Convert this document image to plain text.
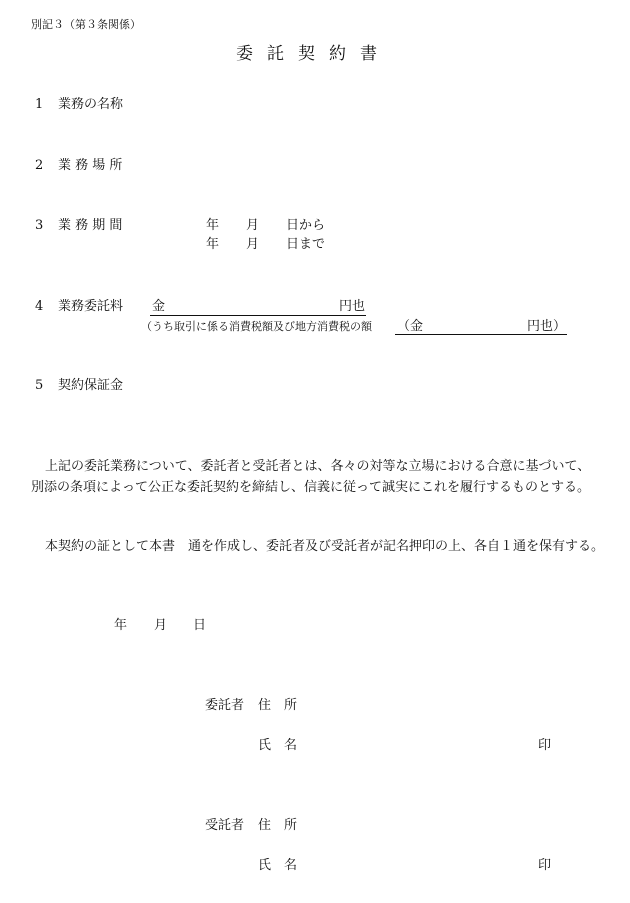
別記３（第３条関係）
委託契約書
1 業務の名称
2 業 務 場 所
3 業 務 期 間	年 月 日から
年 月 日まで
4 業務委託料 金	円也
（うち取引に係る消費税額及び地方消費税の額 （金	円也）
5 契約保証金
上記の委託業務について、委託者と受託者とは、各々の対等な立場における合意に基づいて、
別添の条項によって公正な委託契約を締結し、信義に従って誠実にこれを履行するものとする。
本契約の証として本書　通を作成し、委託者及び受託者が記名押印の上、各自１通を保有する。
年 月 日
委託者 住　所
氏　名	印
受託者 住　所
氏　名	印
